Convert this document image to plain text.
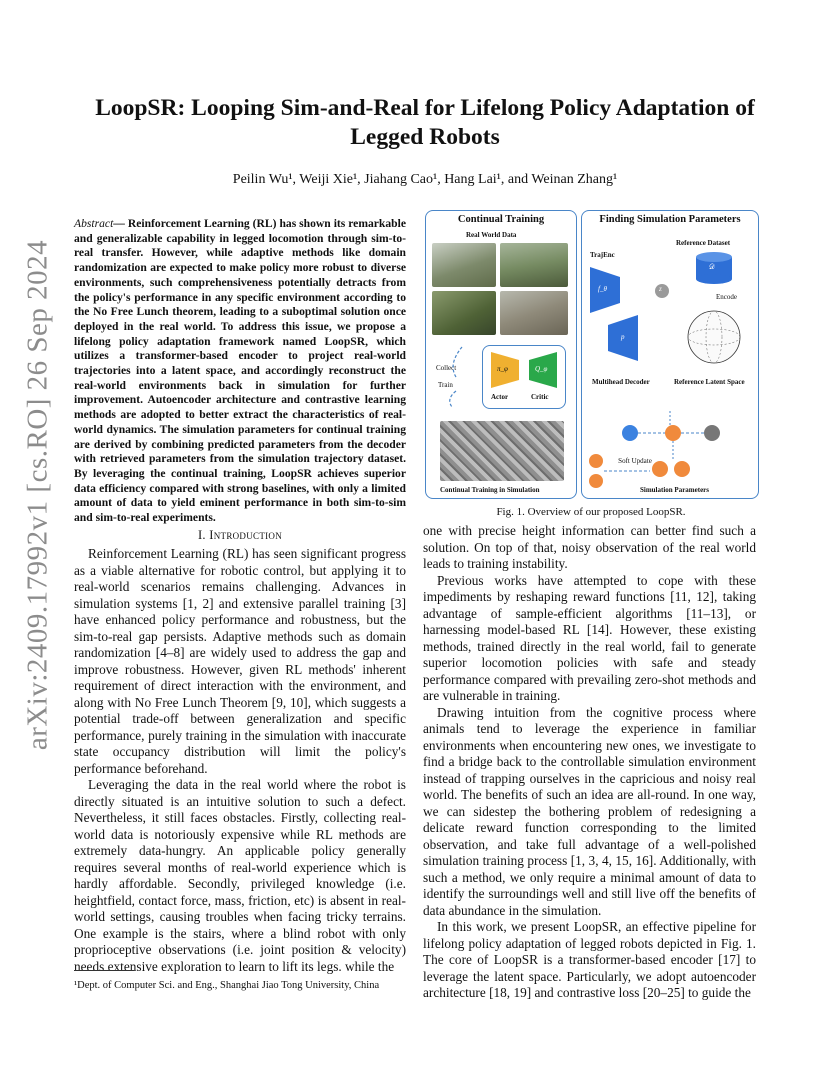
arXiv:2409.17992v1 [cs.RO] 26 Sep 2024
LoopSR: Looping Sim-and-Real for Lifelong Policy Adaptation of Legged Robots
Peilin Wu¹, Weiji Xie¹, Jiahang Cao¹, Hang Lai¹, and Weinan Zhang¹
Abstract— Reinforcement Learning (RL) has shown its remarkable and generalizable capability in legged locomotion through sim-to-real transfer. However, while adaptive methods like domain randomization are expected to make policy more robust to diverse environments, such comprehensiveness potentially detracts from the policy's performance in any specific environment according to the No Free Lunch theorem, leading to a suboptimal solution once deployed in the real world. To address this issue, we propose a lifelong policy adaptation framework named LoopSR, which utilizes a transformer-based encoder to project real-world trajectories into a latent space, and accordingly reconstruct the real-world environments back in simulation for further improvement. Autoencoder architecture and contrastive learning methods are adopted to better extract the characteristics of real-world dynamics. The simulation parameters for continual training are derived by combining predicted parameters from the decoder with retrieved parameters from the simulation trajectory dataset. By leveraging the continual training, LoopSR achieves superior data efficiency compared with strong baselines, with only a limited amount of data to yield eminent performance in both sim-to-sim and sim-to-real experiments.
I. Introduction

Reinforcement Learning (RL) has seen significant progress as a viable alternative for robotic control, but applying it to real-world scenarios remains challenging. Advances in simulation systems [1, 2] and extensive parallel training [3] have enhanced policy performance and robustness, but the sim-to-real gap persists. Adaptive methods such as domain randomization [4–8] are widely used to address the gap and improve robustness. However, given RL methods' inherent requirement of direct interaction with the environment, and along with No Free Lunch Theorem [9, 10], which suggests a potential trade-off between generalization and specific performance, purely training in the simulation with inaccurate state occupancy distribution will limit the policy's performance beforehand.

Leveraging the data in the real world where the robot is directly situated is an intuitive solution to such a defect. Nevertheless, it still faces obstacles. Firstly, collecting real-world data is notoriously expensive while RL methods are extremely data-hungry. An applicable policy generally requires several months of real-world experience which is hardly affordable. Secondly, privileged knowledge (i.e. heightfield, contact force, mass, friction, etc) is absent in real-world settings, causing troubles when facing tricky terrains. One example is the stairs, where a blind robot with only proprioceptive observations (i.e. joint position & velocity) needs extensive exploration to learn to lift its legs. while the

¹Dept. of Computer Sci. and Eng., Shanghai Jiao Tong University, China
Continual Training
Real World Data
Collect
Train
π_φ	Q_φ
Actor	Critic
Continual Training in Simulation
Finding Simulation Parameters
Reference Dataset
TrajEnc
f_θ	z
𝒟
Encode
p
Multihead Decoder	Reference Latent Space
Soft Update
Simulation Parameters
Fig. 1. Overview of our proposed LoopSR.

one with precise height information can better find such a solution. On top of that, noisy observation of the real world leads to training instability.

Previous works have attempted to cope with these impediments by reshaping reward functions [11, 12], taking advantage of sample-efficient algorithms [11–13], or harnessing model-based RL [14]. However, these existing methods, trained directly in the real world, fail to generate superior locomotion policies with safe and steady performance compared with prevailing zero-shot methods and are vulnerable in training.

Drawing intuition from the cognitive process where animals tend to leverage the experience in familiar environments when encountering new ones, we investigate to find a bridge back to the controllable simulation environment instead of trapping ourselves in the capricious and noisy real world. The benefits of such an idea are all-round. In one way, we can sidestep the bothering problem of redesigning a delicate reward function corresponding to the limited observation, and take full advantage of a well-polished simulation training process [1, 3, 4, 15, 16]. Additionally, with such a method, we only require a minimal amount of data to identify the surroundings well and still live off the benefits of data abundance in the simulation.

In this work, we present LoopSR, an effective pipeline for lifelong policy adaptation of legged robots depicted in Fig. 1. The core of LoopSR is a transformer-based encoder [17] to leverage the latent space. Particularly, we adopt autoencoder architecture [18, 19] and contrastive loss [20–25] to guide the
